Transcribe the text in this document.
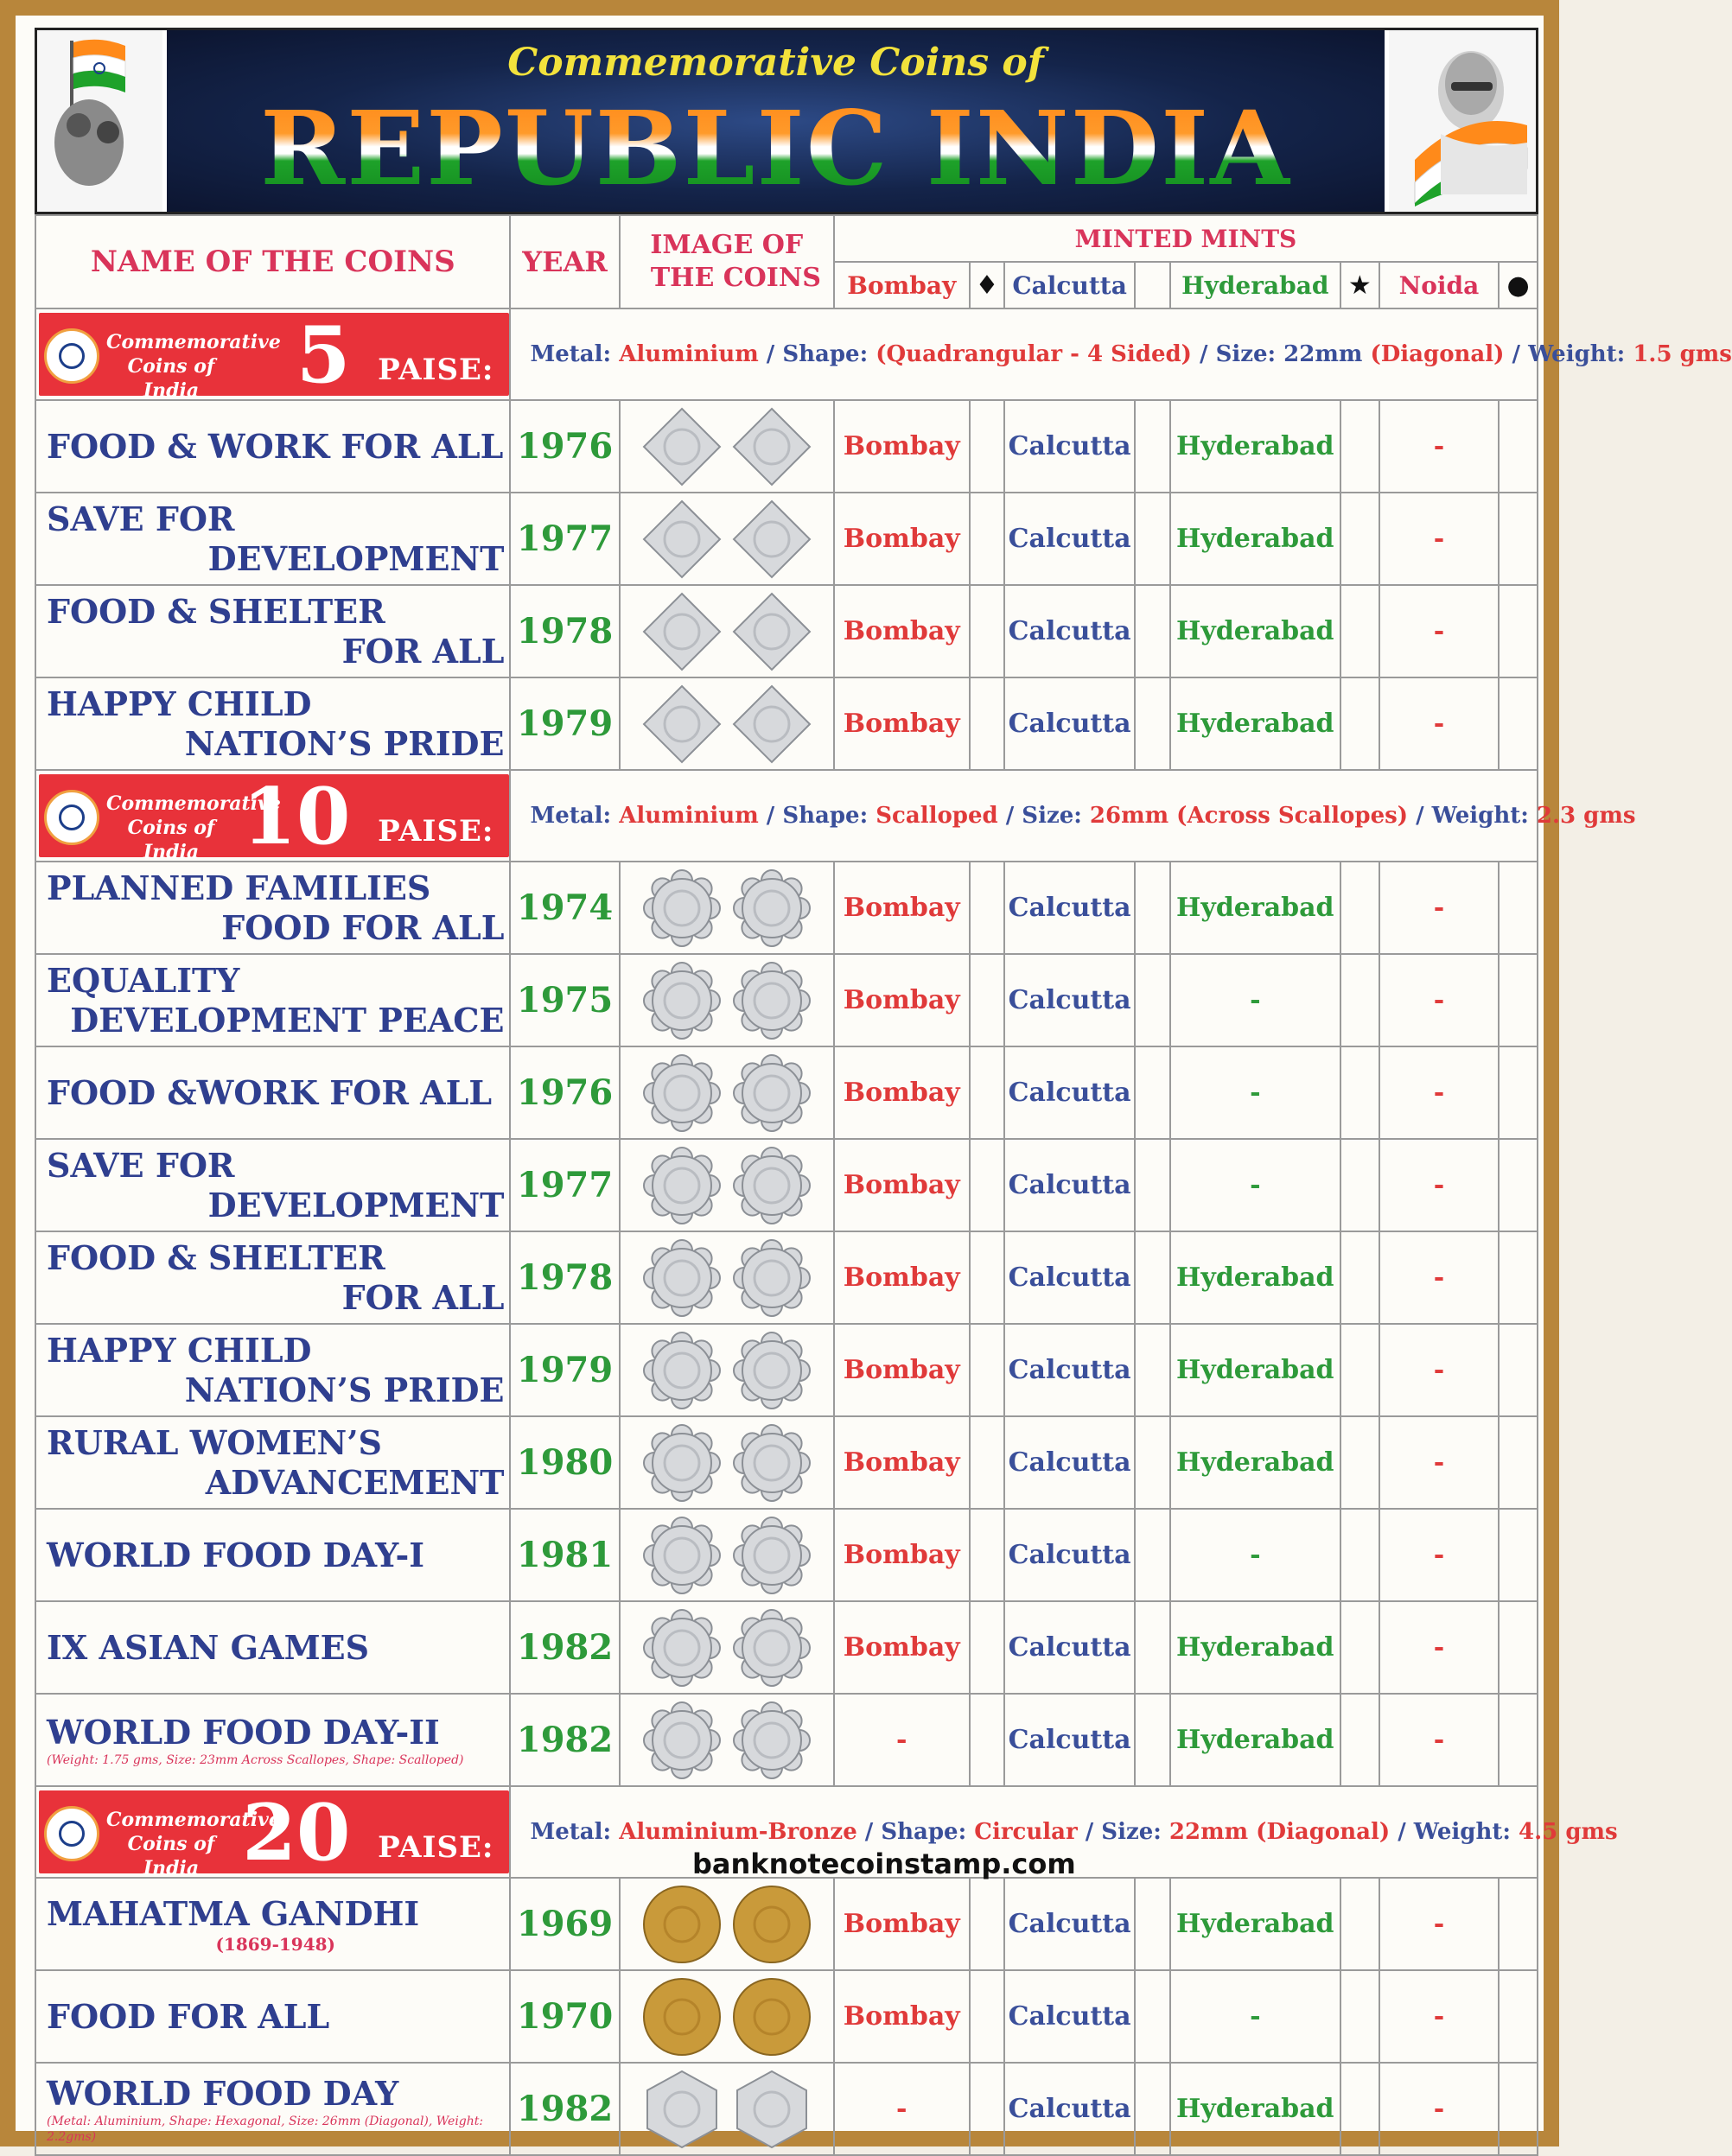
Commemorative Coins of
REPUBLIC INDIA
NAME OF THE COINS	YEAR	IMAGE OF
THE COINS	MINTED MINTS							
			Bombay	♦	Calcutta		Hyderabad	★	Noida	●

Commemorative Coins of India 5 PAISE:	Metal: Aluminium / Shape: (Quadrangular - 4 Sided) / Size: 22mm (Diagonal) / Weight: 1.5 gms									

FOOD & WORK FOR ALL	1976		Bombay		Calcutta		Hyderabad		-	

SAVE FOR
DEVELOPMENT	1977		Bombay		Calcutta		Hyderabad		-	

FOOD & SHELTER
FOR ALL	1978		Bombay		Calcutta		Hyderabad		-	

HAPPY CHILD
NATION’S PRIDE	1979		Bombay		Calcutta		Hyderabad		-	

Commemorative Coins of India 10 PAISE:	Metal: Aluminium / Shape: Scalloped / Size: 26mm (Across Scallopes) / Weight: 2.3 gms									

PLANNED FAMILIES
FOOD FOR ALL	1974		Bombay		Calcutta		Hyderabad		-	

EQUALITY
DEVELOPMENT PEACE	1975		Bombay		Calcutta		-		-	

FOOD &WORK FOR ALL	1976		Bombay		Calcutta		-		-	

SAVE FOR
DEVELOPMENT	1977		Bombay		Calcutta		-		-	

FOOD & SHELTER
FOR ALL	1978		Bombay		Calcutta		Hyderabad		-	

HAPPY CHILD
NATION’S PRIDE	1979		Bombay		Calcutta		Hyderabad		-	

RURAL WOMEN’S
ADVANCEMENT	1980		Bombay		Calcutta		Hyderabad		-	

WORLD FOOD DAY-I	1981		Bombay		Calcutta		-		-	

IX ASIAN GAMES	1982		Bombay		Calcutta		Hyderabad		-	

WORLD FOOD DAY-II
(Weight: 1.75 gms, Size: 23mm Across Scallopes, Shape: Scalloped)	1982		-		Calcutta		Hyderabad		-	

Commemorative Coins of India 20 PAISE:	Metal: Aluminium-Bronze / Shape: Circular / Size: 22mm (Diagonal) / Weight: 4.5 gms									

MAHATMA GANDHI
(1869-1948)	1969		Bombay		Calcutta		Hyderabad		-	

FOOD FOR ALL	1970		Bombay		Calcutta		-		-	

WORLD FOOD DAY
(Metal: Aluminium, Shape: Hexagonal, Size: 26mm (Diagonal), Weight: 2.2gms)	1982		-		Calcutta		Hyderabad		-	
banknotecoinstamp.com
